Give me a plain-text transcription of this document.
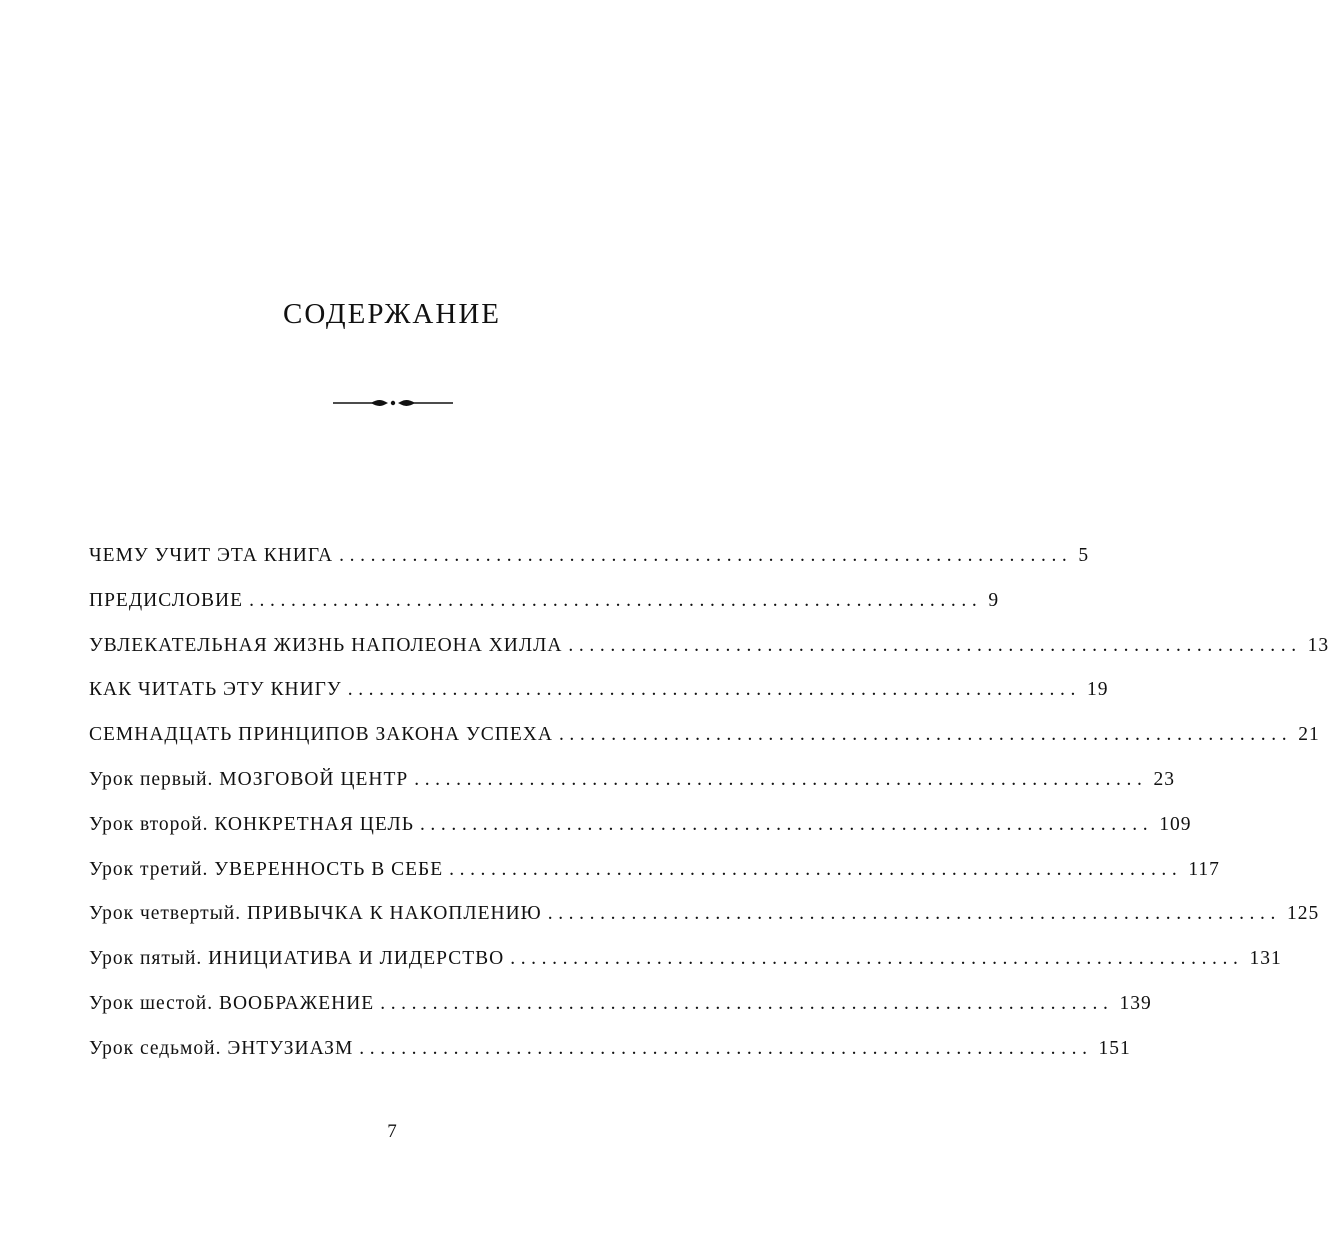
СОДЕРЖАНИЕ
ЧЕМУ УЧИТ ЭТА КНИГА ...................................................................... 5
ПРЕДИСЛОВИЕ ...................................................................... 9
УВЛЕКАТЕЛЬНАЯ ЖИЗНЬ НАПОЛЕОНА ХИЛЛА ...................................................................... 13
КАК ЧИТАТЬ ЭТУ КНИГУ ...................................................................... 19
СЕМНАДЦАТЬ ПРИНЦИПОВ ЗАКОНА УСПЕХА ...................................................................... 21
Урок первый. МОЗГОВОЙ ЦЕНТР ...................................................................... 23
Урок второй. КОНКРЕТНАЯ ЦЕЛЬ ...................................................................... 109
Урок третий. УВЕРЕННОСТЬ В СЕБЕ ...................................................................... 117
Урок четвертый. ПРИВЫЧКА К НАКОПЛЕНИЮ ...................................................................... 125
Урок пятый. ИНИЦИАТИВА И ЛИДЕРСТВО ...................................................................... 131
Урок шестой. ВООБРАЖЕНИЕ ...................................................................... 139
Урок седьмой. ЭНТУЗИАЗМ ...................................................................... 151
7
